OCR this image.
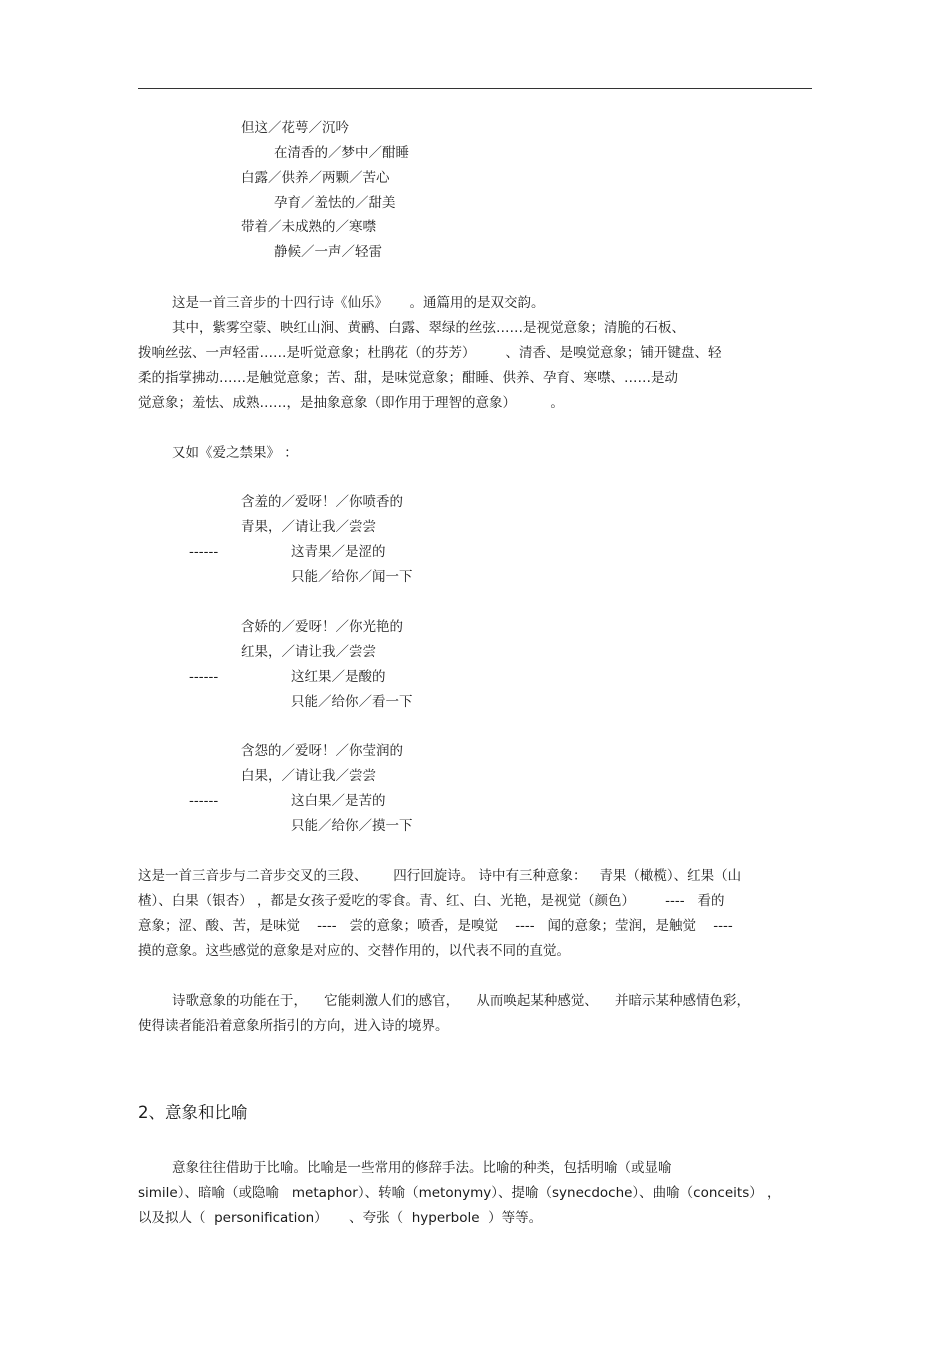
但这／花萼／沉吟
在清香的／梦中／酣睡
白露／供养／两颗／苦心
孕育／羞怯的／甜美
带着／未成熟的／寒噤
静候／一声／轻雷
这是一首三音步的十四行诗《仙乐》     。通篇用的是双交韵。
其中，紫雾空蒙、映红山涧、黄鹂、白露、翠绿的丝弦……是视觉意象；清脆的石板、
拨响丝弦、一声轻雷……是听觉意象；杜鹃花（的芬芳）       、清香、是嗅觉意象；铺开键盘、轻
柔的指掌拂动……是触觉意象；苦、甜，是味觉意象；酣睡、供养、孕育、寒噤、……是动
觉意象；羞怯、成熟……，是抽象意象（即作用于理智的意象）        。
又如《爱之禁果》 ：
含羞的／爱呀！／你喷香的
青果，／请让我／尝尝
------	这青果／是涩的
只能／给你／闻一下
含娇的／爱呀！／你光艳的
红果，／请让我／尝尝
------	这红果／是酸的
只能／给你／看一下
含怨的／爱呀！／你莹润的
白果，／请让我／尝尝
------	这白果／是苦的
只能／给你／摸一下
这是一首三音步与二音步交叉的三段、      四行回旋诗。 诗中有三种意象：   青果（橄榄）、红果（山
楂）、白果（银杏） ，都是女孩子爱吃的零食。青、红、白、光艳，是视觉（颜色）       ----   看的
意象；涩、酸、苦，是味觉    ----   尝的意象；喷香，是嗅觉    ----   闻的意象；莹润，是触觉    ----
摸的意象。这些感觉的意象是对应的、交替作用的，以代表不同的直觉。
诗歌意象的功能在于，    它能刺激人们的感官，    从而唤起某种感觉、    并暗示某种感情色彩，
使得读者能沿着意象所指引的方向，进入诗的境界。
2、意象和比喻
意象往往借助于比喻。比喻是一些常用的修辞手法。比喻的种类，包括明喻（或显喻
simile）、暗喻（或隐喻   metaphor）、转喻（metonymy）、提喻（synecdoche）、曲喻（conceits） ，
以及拟人（  personification）     、夸张（  hyperbole  ）等等。
